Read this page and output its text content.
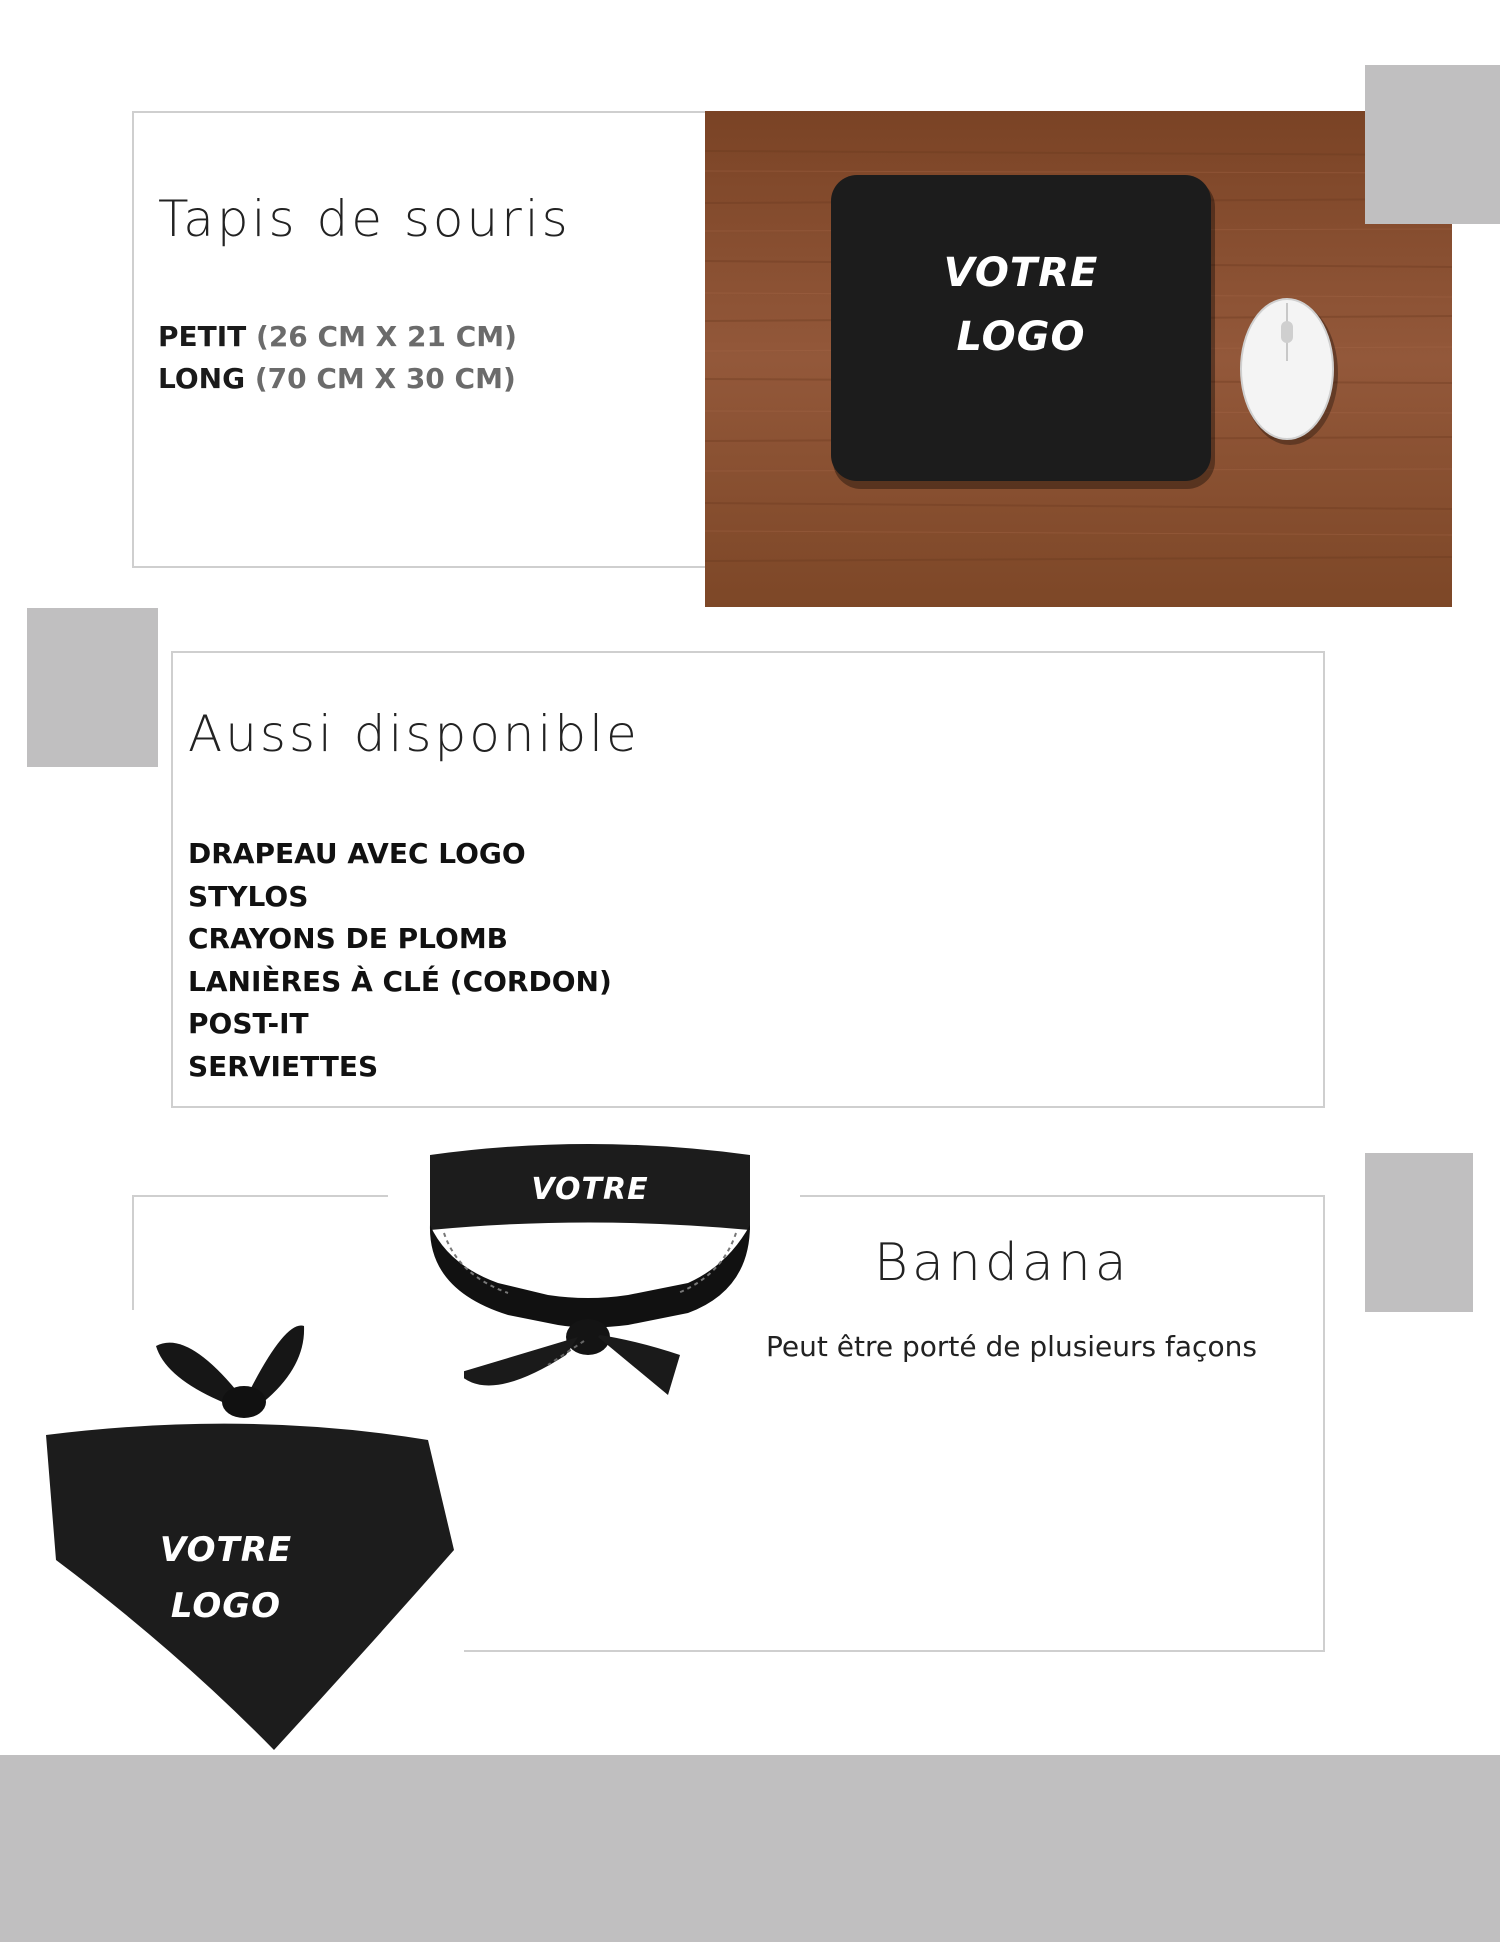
Tapis de souris
PETIT (26 CM X 21 CM)
LONG (70 CM X 30 CM)
VOTRE
LOGO
Aussi disponible
DRAPEAU AVEC LOGO
STYLOS
CRAYONS DE PLOMB
LANIÈRES À CLÉ (CORDON)
POST-IT
SERVIETTES
VOTRE
LOGO	Bandana
Peut être porté de plusieurs façons
VOTRE
LOGO
